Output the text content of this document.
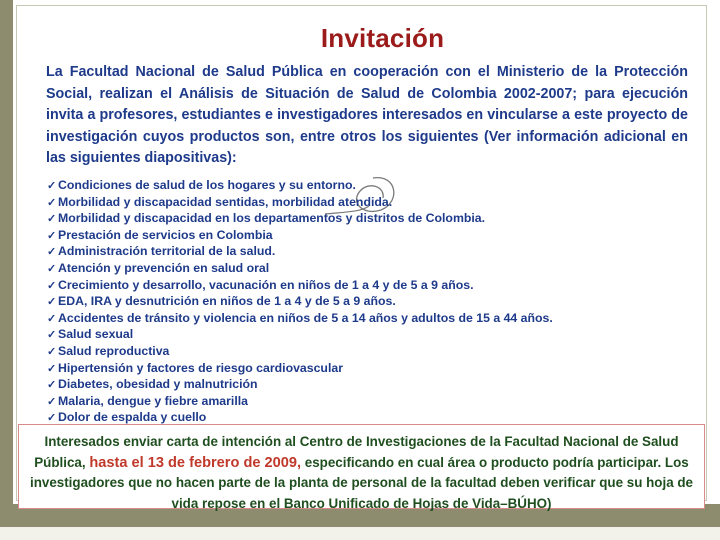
Invitación
La Facultad Nacional de Salud Pública en cooperación con el Ministerio de la Protección Social, realizan el Análisis de Situación de Salud de Colombia 2002-2007; para ejecución invita a profesores, estudiantes e investigadores interesados en vincularse a este proyecto de investigación cuyos productos son, entre otros los siguientes (Ver información adicional en las siguientes diapositivas):
✓ Condiciones de salud de los hogares y su entorno.
✓ Morbilidad y discapacidad sentidas, morbilidad atendida.
✓ Morbilidad y discapacidad en los departamentos y distritos de Colombia.
✓ Prestación de servicios en Colombia
✓ Administración territorial de la salud.
✓ Atención y prevención en salud oral
✓ Crecimiento y desarrollo, vacunación en niños de 1 a 4 y de 5 a 9 años.
✓ EDA, IRA y desnutrición en niños de 1 a 4 y de 5 a 9 años.
✓ Accidentes de tránsito y violencia en niños de 5 a 14 años y adultos de 15 a 44 años.
✓ Salud sexual
✓ Salud reproductiva
✓ Hipertensión y factores de riesgo cardiovascular
✓ Diabetes, obesidad y malnutrición
✓ Malaria, dengue y fiebre amarilla
✓ Dolor de espalda y cuello
Interesados enviar carta de intención al Centro de Investigaciones de la Facultad Nacional de Salud Pública, hasta el 13 de febrero de 2009, especificando en cual área o producto podría participar. Los investigadores que no hacen parte de la planta de personal de la facultad deben verificar que su hoja de vida repose en el Banco Unificado de Hojas de Vida–BÚHO)
